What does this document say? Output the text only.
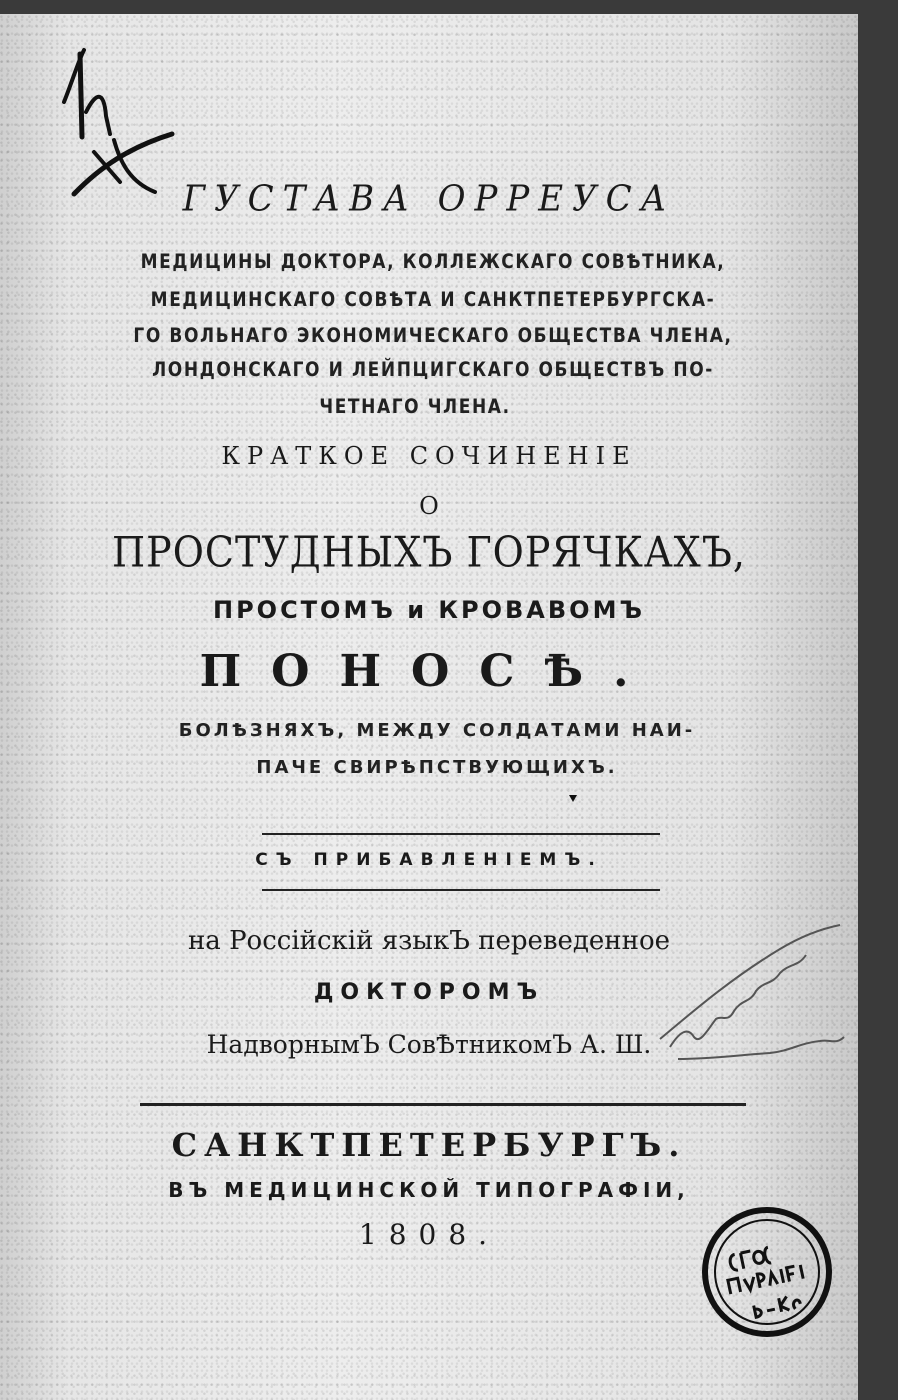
ГУСТАВА ОРРЕУСА
МЕДИЦИНЫ ДОКТОРА, КОЛЛЕЖСКАГО СОВѢТНИКА,
МЕДИЦИНСКАГО СОВѢТА И САНКТПЕТЕРБУРГСКА-
ГО ВОЛЬНАГО ЭКОНОМИЧЕСКАГО ОБЩЕСТВА ЧЛЕНА,
ЛОНДОНСКАГО И ЛЕЙПЦИГСКАГО ОБЩЕСТВЪ ПО-
ЧЕТНАГО ЧЛЕНА.
КРАТКОЕ СОЧИНЕНIЕ
О
ПРОСТУДНЫХЪ ГОРЯЧКАХЪ,
ПРОСТОМЪ и КРОВАВОМЪ
ПОНОСѢ.
БОЛѢЗНЯХЪ, МЕЖДУ СОЛДАТАМИ НАИ-
ПАЧЕ СВИРѢПСТВУЮЩИХЪ.
СЪ ПРИБАВЛЕНIЕМЪ.
на Россiйскiй языкЪ переведенное
ДОКТОРОМЪ
НадворнымЪ СовѢтникомЪ А. Ш.
САНКТПЕТЕРБУРГЪ.
ВЪ МЕДИЦИНСКОЙ ТИПОГРАФIИ,
1808.
